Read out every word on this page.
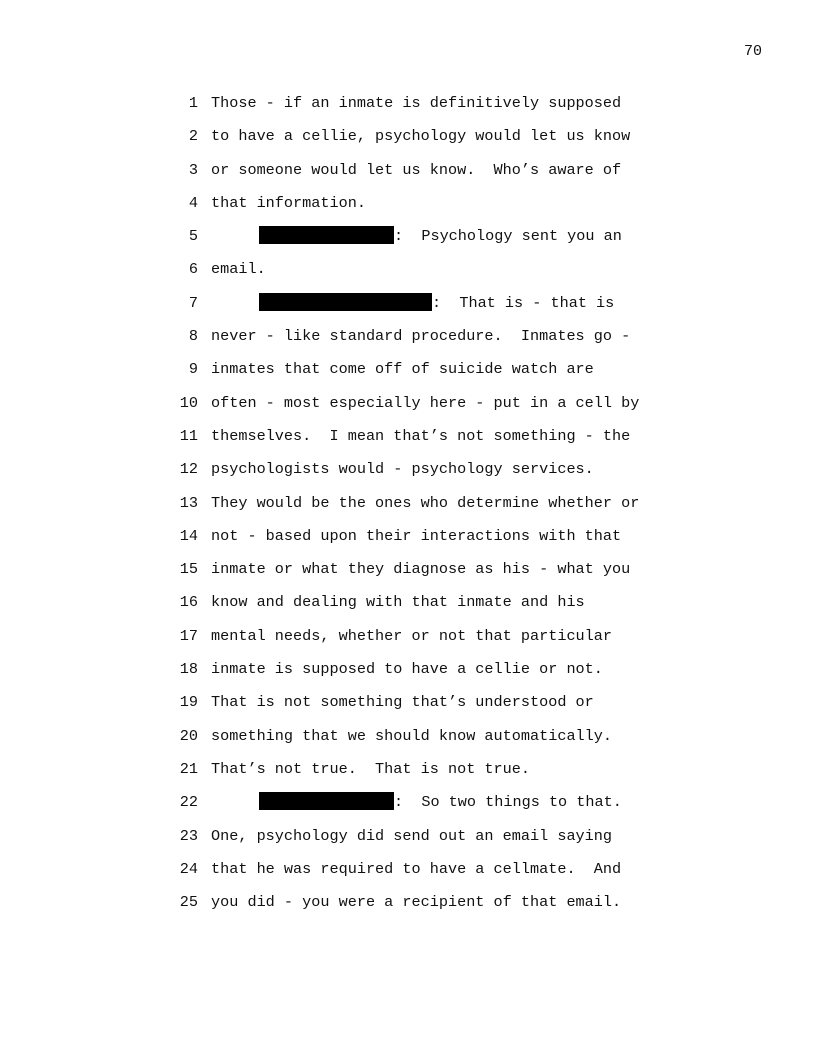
70
1 Those - if an inmate is definitively supposed
2 to have a cellie, psychology would let us know
3 or someone would let us know.  Who’s aware of
4 that information.
5	:  Psychology sent you an
6 email.
7	:  That is - that is
8 never - like standard procedure.  Inmates go -
9 inmates that come off of suicide watch are
10 often - most especially here - put in a cell by
11 themselves.  I mean that’s not something - the
12 psychologists would - psychology services.
13 They would be the ones who determine whether or
14 not - based upon their interactions with that
15 inmate or what they diagnose as his - what you
16 know and dealing with that inmate and his
17 mental needs, whether or not that particular
18 inmate is supposed to have a cellie or not.
19 That is not something that’s understood or
20 something that we should know automatically.
21 That’s not true.  That is not true.
22	:  So two things to that.
23 One, psychology did send out an email saying
24 that he was required to have a cellmate.  And
25 you did - you were a recipient of that email.
